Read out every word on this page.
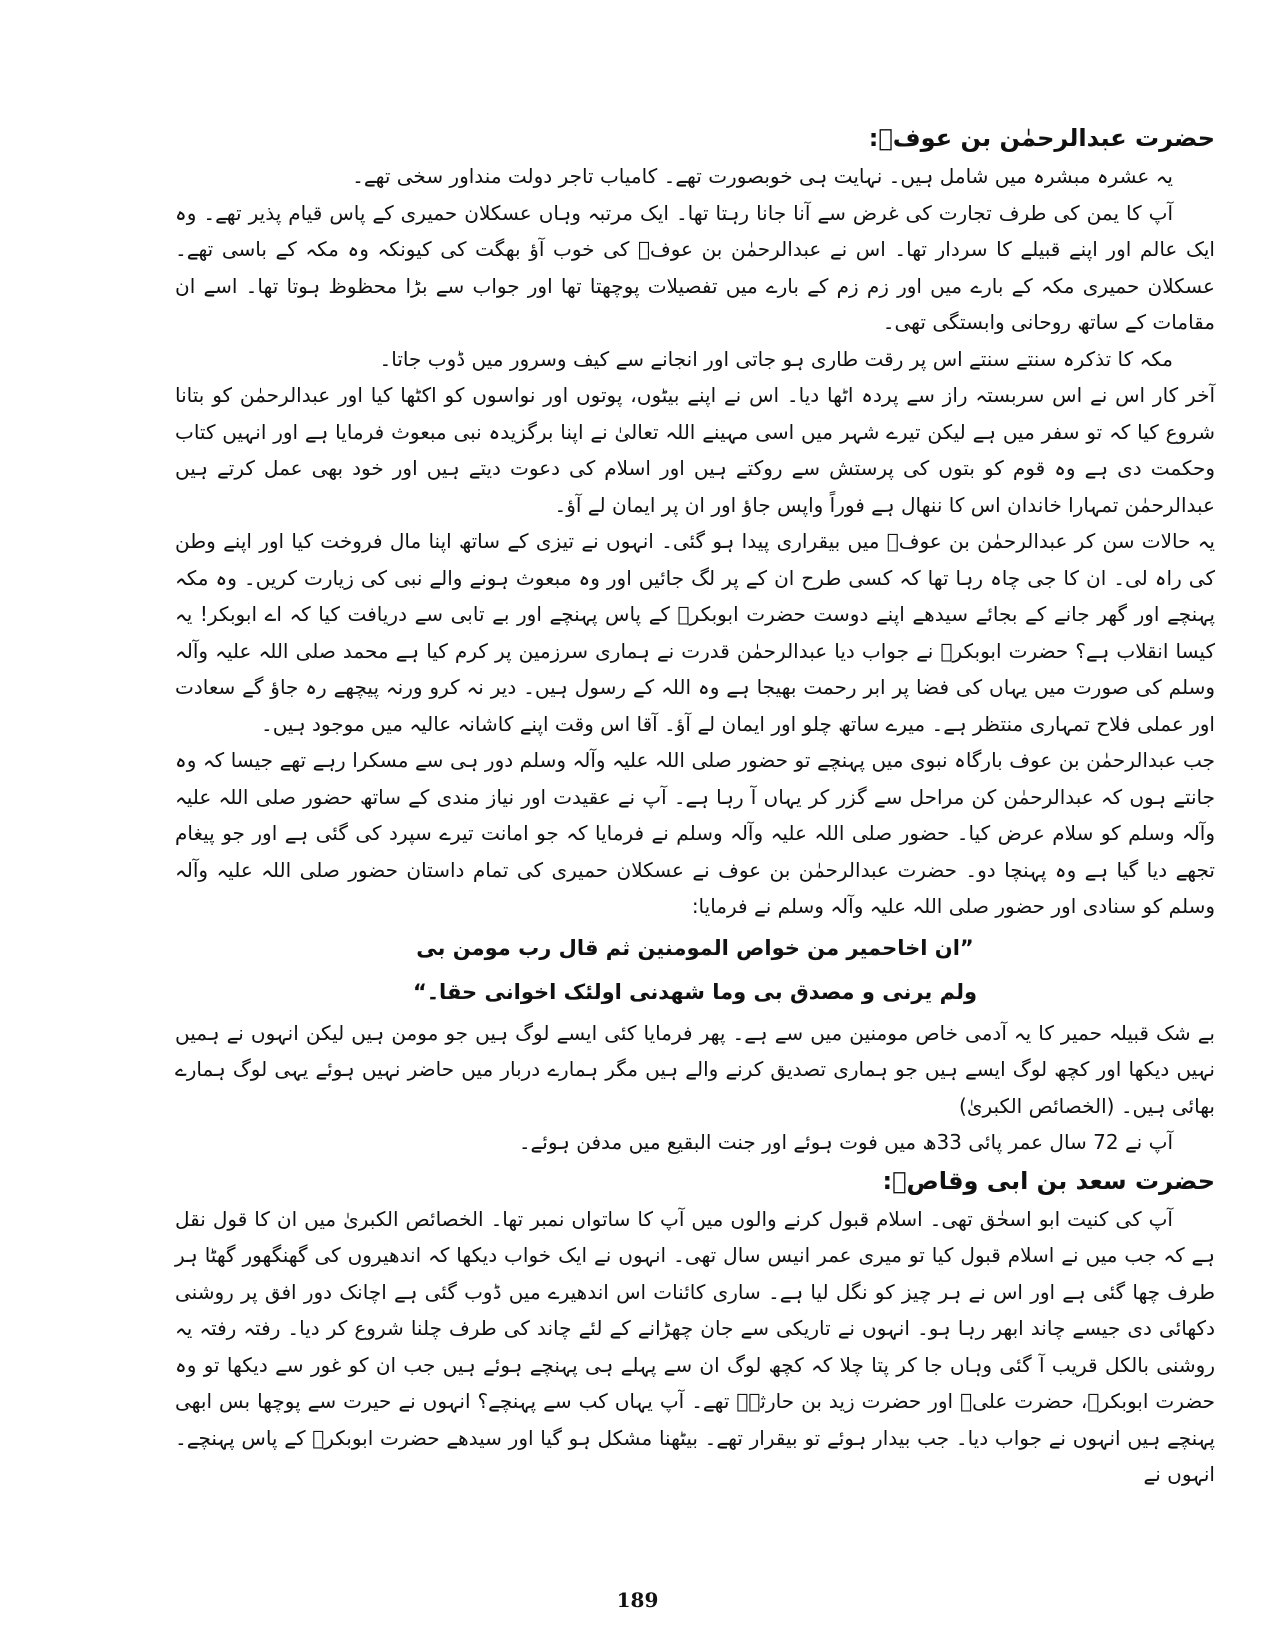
حضرت عبدالرحمٰن بن عوفؓ:

یہ عشرہ مبشرہ میں شامل ہیں۔ نہایت ہی خوبصورت تھے۔ کامیاب تاجر دولت منداور سخی تھے۔

آپ کا یمن کی طرف تجارت کی غرض سے آنا جانا رہتا تھا۔ ایک مرتبہ وہاں عسکلان حمیری کے پاس قیام پذیر تھے۔ وہ ایک عالم اور اپنے قبیلے کا سردار تھا۔ اس نے عبدالرحمٰن بن عوفؓ کی خوب آؤ بھگت کی کیونکہ وہ مکہ کے باسی تھے۔ عسکلان حمیری مکہ کے بارے میں اور زم زم کے بارے میں تفصیلات پوچھتا تھا اور جواب سے بڑا محظوظ ہوتا تھا۔ اسے ان مقامات کے ساتھ روحانی وابستگی تھی۔

مکہ کا تذکرہ سنتے سنتے اس پر رقت طاری ہو جاتی اور انجانے سے کیف وسرور میں ڈوب جاتا۔

آخر کار اس نے اس سربستہ راز سے پردہ اٹھا دیا۔ اس نے اپنے بیٹوں، پوتوں اور نواسوں کو اکٹھا کیا اور عبدالرحمٰن کو بتانا شروع کیا کہ تو سفر میں ہے لیکن تیرے شہر میں اسی مہینے اللہ تعالیٰ نے اپنا برگزیدہ نبی مبعوث فرمایا ہے اور انہیں کتاب وحکمت دی ہے وہ قوم کو بتوں کی پرستش سے روکتے ہیں اور اسلام کی دعوت دیتے ہیں اور خود بھی عمل کرتے ہیں عبدالرحمٰن تمہارا خاندان اس کا ننھال ہے فوراً واپس جاؤ اور ان پر ایمان لے آؤ۔

یہ حالات سن کر عبدالرحمٰن بن عوفؓ میں بیقراری پیدا ہو گئی۔ انہوں نے تیزی کے ساتھ اپنا مال فروخت کیا اور اپنے وطن کی راہ لی۔ ان کا جی چاہ رہا تھا کہ کسی طرح ان کے پر لگ جائیں اور وہ مبعوث ہونے والے نبی کی زیارت کریں۔ وہ مکہ پہنچے اور گھر جانے کے بجائے سیدھے اپنے دوست حضرت ابوبکرؓ کے پاس پہنچے اور بے تابی سے دریافت کیا کہ اے ابوبکر! یہ کیسا انقلاب ہے؟ حضرت ابوبکرؓ نے جواب دیا عبدالرحمٰن قدرت نے ہماری سرزمین پر کرم کیا ہے محمد صلی اللہ علیہ وآلہ وسلم کی صورت میں یہاں کی فضا پر ابر رحمت بھیجا ہے وہ اللہ کے رسول ہیں۔ دیر نہ کرو ورنہ پیچھے رہ جاؤ گے سعادت اور عملی فلاح تمہاری منتظر ہے۔ میرے ساتھ چلو اور ایمان لے آؤ۔ آقا اس وقت اپنے کاشانہ عالیہ میں موجود ہیں۔

جب عبدالرحمٰن بن عوف بارگاہ نبوی میں پہنچے تو حضور صلی اللہ علیہ وآلہ وسلم دور ہی سے مسکرا رہے تھے جیسا کہ وہ جانتے ہوں کہ عبدالرحمٰن کن مراحل سے گزر کر یہاں آ رہا ہے۔ آپ نے عقیدت اور نیاز مندی کے ساتھ حضور صلی اللہ علیہ وآلہ وسلم کو سلام عرض کیا۔ حضور صلی اللہ علیہ وآلہ وسلم نے فرمایا کہ جو امانت تیرے سپرد کی گئی ہے اور جو پیغام تجھے دیا گیا ہے وہ پہنچا دو۔ حضرت عبدالرحمٰن بن عوف نے عسکلان حمیری کی تمام داستان حضور صلی اللہ علیہ وآلہ وسلم کو سنادی اور حضور صلی اللہ علیہ وآلہ وسلم نے فرمایا:

”ان اخاحمیر من خواص المومنین ثم قال رب مومن بی

ولم یرنی و مصدق بی وما شھدنی اولئک اخوانی حقا۔“

بے شک قبیلہ حمیر کا یہ آدمی خاص مومنین میں سے ہے۔ پھر فرمایا کئی ایسے لوگ ہیں جو مومن ہیں لیکن انہوں نے ہمیں نہیں دیکھا اور کچھ لوگ ایسے ہیں جو ہماری تصدیق کرنے والے ہیں مگر ہمارے دربار میں حاضر نہیں ہوئے یہی لوگ ہمارے بھائی ہیں۔ (الخصائص الکبریٰ)

آپ نے 72 سال عمر پائی 33ھ میں فوت ہوئے اور جنت البقیع میں مدفن ہوئے۔

حضرت سعد بن ابی وقاصؓ:

آپ کی کنیت ابو اسحٰق تھی۔ اسلام قبول کرنے والوں میں آپ کا ساتواں نمبر تھا۔ الخصائص الکبریٰ میں ان کا قول نقل ہے کہ جب میں نے اسلام قبول کیا تو میری عمر انیس سال تھی۔ انہوں نے ایک خواب دیکھا کہ اندھیروں کی گھنگھور گھٹا ہر طرف چھا گئی ہے اور اس نے ہر چیز کو نگل لیا ہے۔ ساری کائنات اس اندھیرے میں ڈوب گئی ہے اچانک دور افق پر روشنی دکھائی دی جیسے چاند ابھر رہا ہو۔ انہوں نے تاریکی سے جان چھڑانے کے لئے چاند کی طرف چلنا شروع کر دیا۔ رفتہ رفتہ یہ روشنی بالکل قریب آ گئی وہاں جا کر پتا چلا کہ کچھ لوگ ان سے پہلے ہی پہنچے ہوئے ہیں جب ان کو غور سے دیکھا تو وہ حضرت ابوبکرؓ، حضرت علیؓ اور حضرت زید بن حارثہؓ تھے۔ آپ یہاں کب سے پہنچے؟ انہوں نے حیرت سے پوچھا بس ابھی پہنچے ہیں انہوں نے جواب دیا۔ جب بیدار ہوئے تو بیقرار تھے۔ بیٹھنا مشکل ہو گیا اور سیدھے حضرت ابوبکرؓ کے پاس پہنچے۔ انہوں نے

189
